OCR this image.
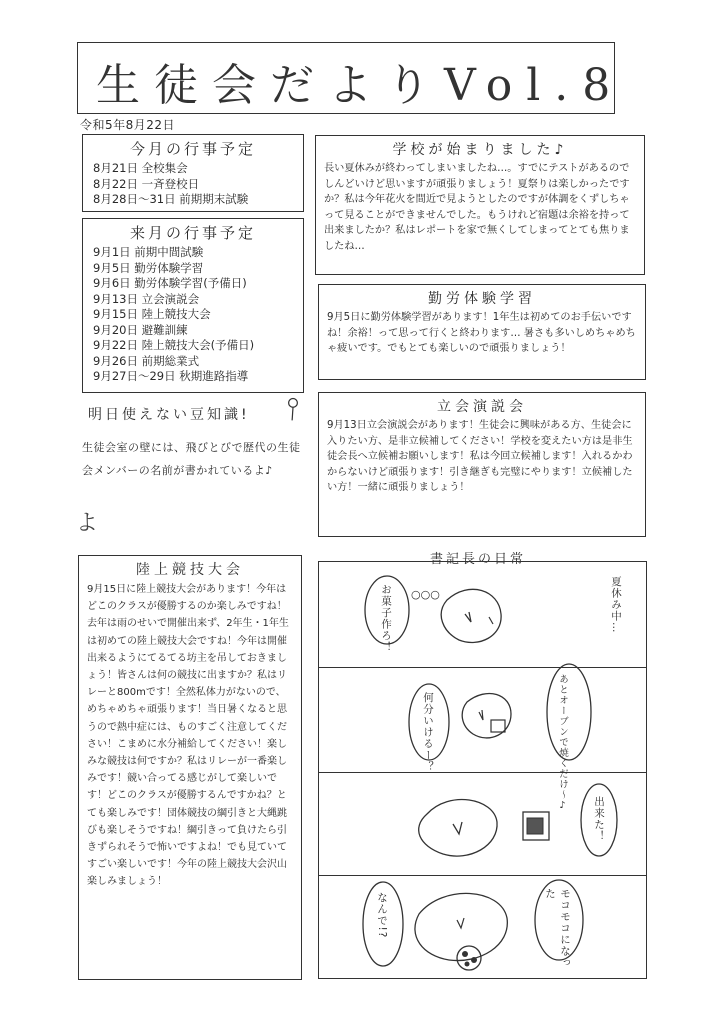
生徒会だよりVol.8
令和5年8月22日
今月の行事予定
8月21日 全校集会
8月22日 一斉登校日
8月28日〜31日 前期期末試験
来月の行事予定
9月1日 前期中間試験
9月5日 勤労体験学習
9月6日 勤労体験学習(予備日)
9月13日 立会演説会
9月15日 陸上競技大会
9月20日 避難訓練
9月22日 陸上競技大会(予備日)
9月26日 前期総業式
9月27日〜29日 秋期進路指導
学校が始まりました♪
長い夏休みが終わってしまいましたね…。すでにテストがあるのでしんどいけど思いますが頑張りましょう！夏祭りは楽しかったですか？私は今年花火を間近で見ようとしたのですが体調をくずしちゃって見ることができませんでした。もうけれど宿題は余裕を持って出来ましたか？私はレポートを家で無くしてしまってとても焦りましたね…
勤労体験学習
9月5日に勤労体験学習があります！1年生は初めてのお手伝いですね！余裕！って思って行くと終わります… 暑さも多いしめちゃめちゃ疲いです。でもとても楽しいので頑張りましょう！
立会演説会
9月13日立会演説会があります！生徒会に興味がある方、生徒会に入りたい方、是非立候補してください！学校を変えたい方は是非生徒会長へ立候補お願いします！私は今回立候補します！入れるかわからないけど頑張ります！引き継ぎも完璧にやります！立候補したい方！一緒に頑張りましょう！
明日使えない豆知識!
生徒会室の壁には、飛びとびで歴代の生徒会メンバーの名前が書かれているよ♪
よ
陸上競技大会
9月15日に陸上競技大会があります！今年はどこのクラスが優勝するのか楽しみですね！去年は雨のせいで開催出来ず、2年生・1年生は初めての陸上競技大会ですね！今年は開催出来るようにてるてる坊主を吊しておきましょう！皆さんは何の競技に出ますか？私はリレーと800mです！全然私体力がないので、めちゃめちゃ頑張ります！当日暑くなると思うので熱中症には、ものすごく注意してください！こまめに水分補給してください！楽しみな競技は何ですか？私はリレーが一番楽しみです！競い合ってる感じがして楽しいです！どこのクラスが優勝するんですかね？とても楽しみです！団体競技の綱引きと大縄跳びも楽しそうですね！綱引きって負けたら引きずられそうで怖いですよね！でも見ていてすごい楽しいです！今年の陸上競技大会沢山楽しみましょう！
書記長の日常
夏休み中…
お菓子作ろ！ ○○○
あとオーブンで焼くだけ〜♪
何分いけるー？
出来た！
なんで!?	モコモコになった
